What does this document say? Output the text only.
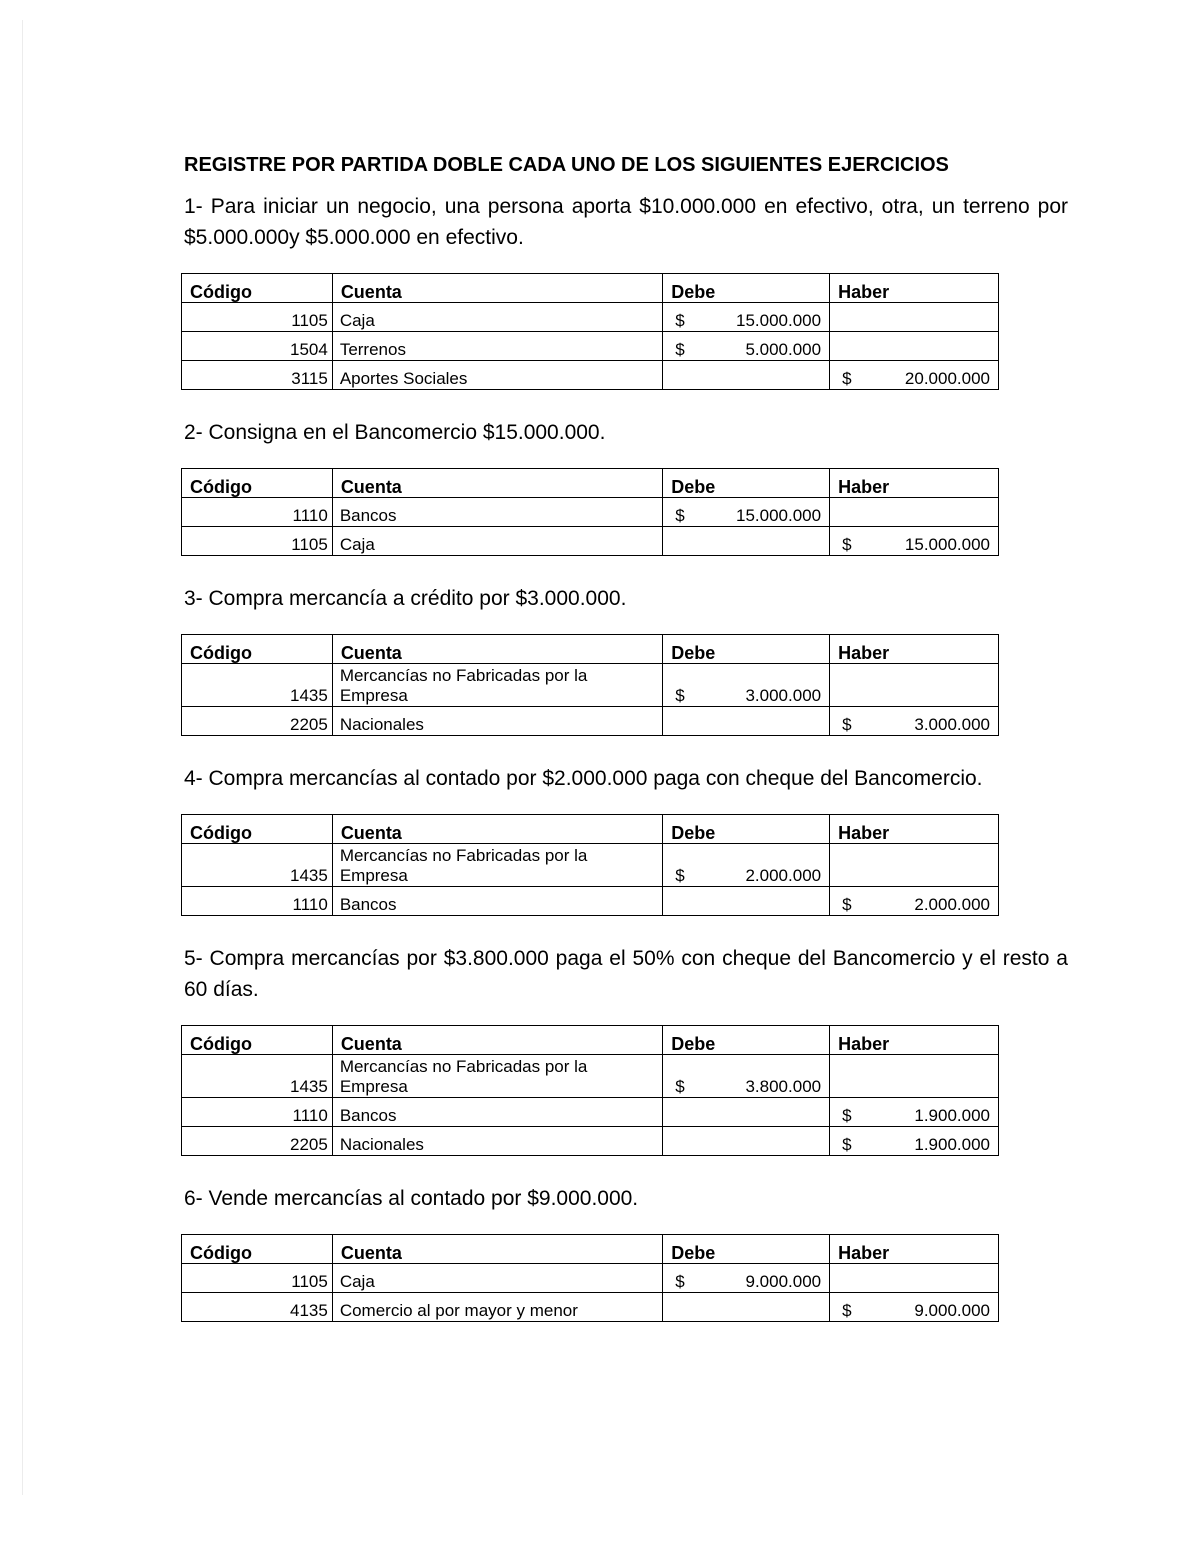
REGISTRE POR PARTIDA DOBLE CADA UNO DE LOS SIGUIENTES EJERCICIOS

1- Para iniciar un negocio, una persona aporta $10.000.000 en efectivo, otra, un terreno por $5.000.000y $5.000.000 en efectivo.

Código	Cuenta	Debe	Haber
1105	Caja	$ 15.000.000	

1504	Terrenos	$ 5.000.000	

3115	Aportes Sociales		$ 20.000.000

2- Consigna en el Bancomercio $15.000.000.

Código	Cuenta	Debe	Haber
1110	Bancos	$ 15.000.000	

1105	Caja		$ 15.000.000

3- Compra mercancía a crédito por $3.000.000.

Código	Cuenta	Debe	Haber
1435	Mercancías no Fabricadas por la Empresa	$ 3.000.000	

2205	Nacionales		$ 3.000.000

4- Compra mercancías al contado por $2.000.000 paga con cheque del Bancomercio.

Código	Cuenta	Debe	Haber
1435	Mercancías no Fabricadas por la Empresa	$ 2.000.000	

1110	Bancos		$ 2.000.000

5- Compra mercancías por $3.800.000 paga el 50% con cheque del Bancomercio y el resto a 60 días.

Código	Cuenta	Debe	Haber
1435	Mercancías no Fabricadas por la Empresa	$ 3.800.000	

1110	Bancos		$ 1.900.000

2205	Nacionales		$ 1.900.000

6- Vende mercancías al contado por $9.000.000.

Código	Cuenta	Debe	Haber
1105	Caja	$ 9.000.000	

4135	Comercio al por mayor y menor		$ 9.000.000
